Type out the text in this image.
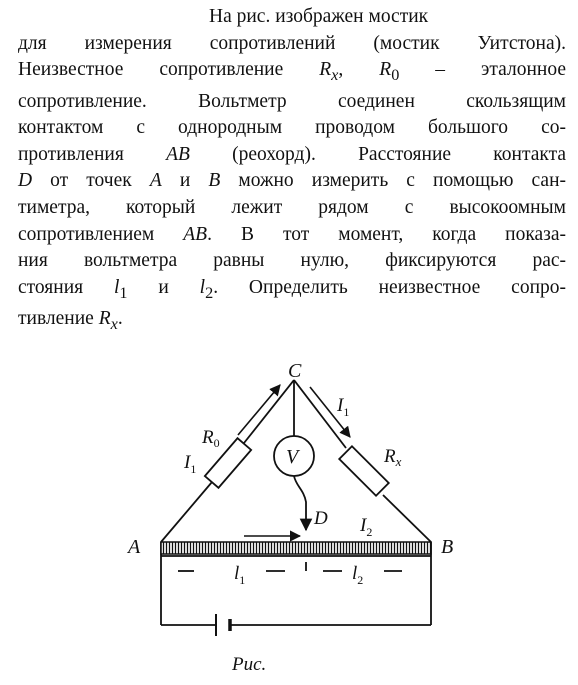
На рис. изображен мостик
для измерения сопротивлений (мостик Уитстона).
Неизвестное сопротивление $R_x$, $R_0$ – эталонное
сопротивление. Вольтметр соединен скользящим
контактом с однородным проводом большого со-
противления AB (реохорд). Расстояние контакта
D от точек A и B можно измерить с помощью сан-
тиметра, который лежит рядом с высокоомным
сопротивлением AB. В тот момент, когда показа-
ния вольтметра равны нулю, фиксируются рас-
стояния $l_1$ и $l_2$. Определить неизвестное сопро-
тивление $R_x$.
C
A	B
D
V
$R_0$
$R_x$
$I_1$
$I_1$
$I_2$
$l_1$	$l_2$
Рис.
